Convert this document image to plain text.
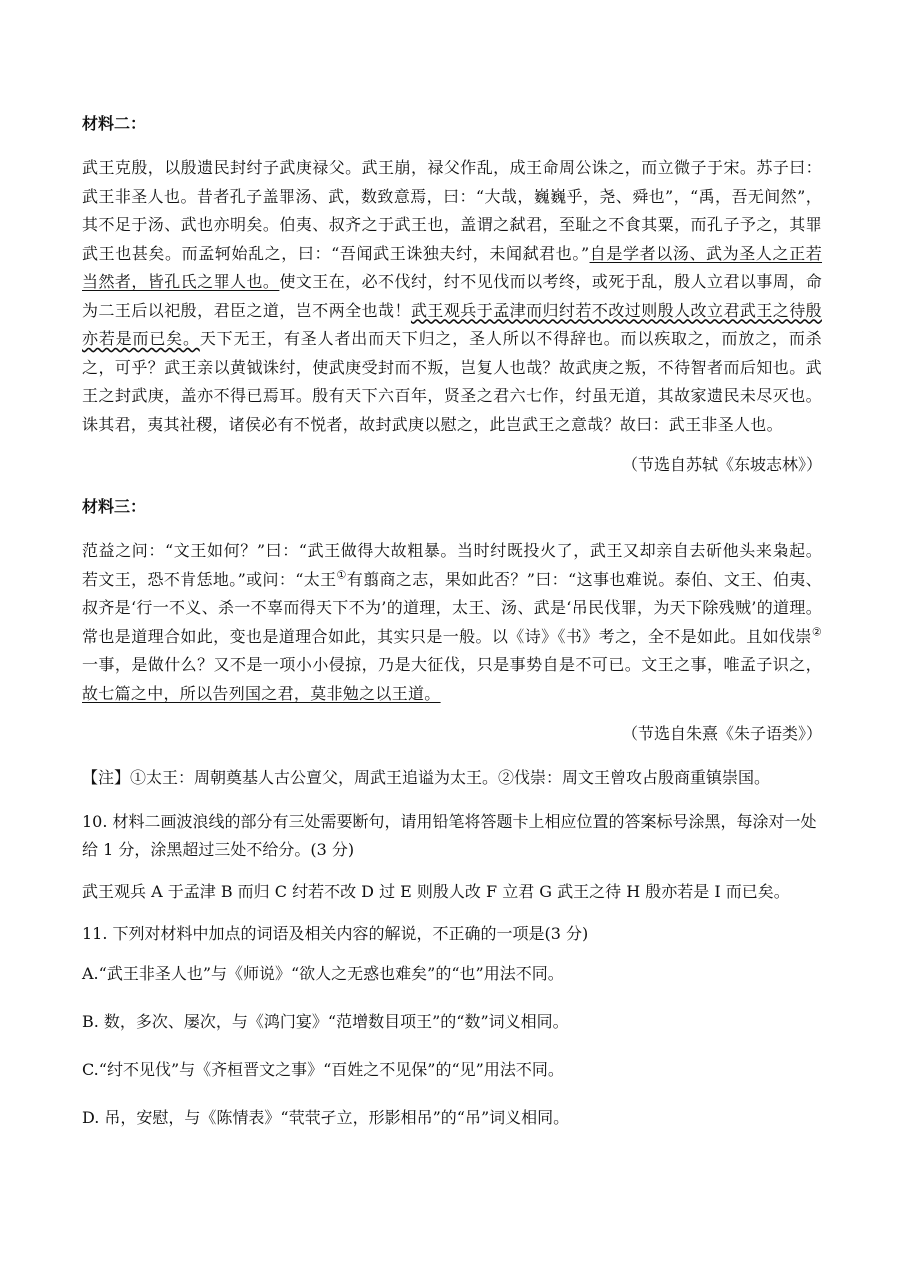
材料二：

武王克殷，以殷遗民封纣子武庚禄父。武王崩，禄父作乱，成王命周公诛之，而立微子于宋。苏子曰：武王非圣人也。昔者孔子盖罪汤、武，数致意焉，曰：“大哉，巍巍乎，尧、舜也”，“禹，吾无间然”，其不足于汤、武也亦明矣。伯夷、叔齐之于武王也，盖谓之弑君，至耻之不食其粟，而孔子予之，其罪武王也甚矣。而孟轲始乱之，曰：“吾闻武王诛独夫纣，未闻弑君也。”自是学者以汤、武为圣人之正若当然者，皆孔氏之罪人也。使文王在，必不伐纣，纣不见伐而以考终，或死于乱，殷人立君以事周，命为二王后以祀殷，君臣之道，岂不两全也哉！武王观兵于孟津而归纣若不改过则殷人改立君武王之待殷亦若是而已矣。天下无王，有圣人者出而天下归之，圣人所以不得辞也。而以疾取之，而放之，而杀之，可乎？武王亲以黄钺诛纣，使武庚受封而不叛，岂复人也哉？故武庚之叛，不待智者而后知也。武王之封武庚，盖亦不得已焉耳。殷有天下六百年，贤圣之君六七作，纣虽无道，其故家遗民未尽灭也。诛其君，夷其社稷，诸侯必有不悦者，故封武庚以慰之，此岂武王之意哉？故曰：武王非圣人也。

（节选自苏轼《东坡志林》）
材料三：

范益之问：“文王如何？”曰：“武王做得大故粗暴。当时纣既投火了，武王又却亲自去斫他头来枭起。若文王，恐不肯恁地。”或问：“太王①有翦商之志，果如此否？”曰：“这事也难说。泰伯、文王、伯夷、叔齐是‘行一不义、杀一不辜而得天下不为’的道理，太王、汤、武是‘吊民伐罪，为天下除残贼’的道理。常也是道理合如此，变也是道理合如此，其实只是一般。以《诗》《书》考之，全不是如此。且如伐崇②一事，是做什么？又不是一项小小侵掠，乃是大征伐，只是事势自是不可已。文王之事，唯孟子识之，故七篇之中，所以告列国之君，莫非勉之以王道。

（节选自朱熹《朱子语类》）
【注】①太王：周朝奠基人古公亶父，周武王追谥为太王。②伐崇：周文王曾攻占殷商重镇崇国。
10. 材料二画波浪线的部分有三处需要断句，请用铅笔将答题卡上相应位置的答案标号涂黑，每涂对一处给 1 分，涂黑超过三处不给分。(3 分)
武王观兵 A 于孟津 B 而归 C 纣若不改 D 过 E 则殷人改 F 立君 G 武王之待 H 殷亦若是 I 而已矣。
11. 下列对材料中加点的词语及相关内容的解说，不正确的一项是(3 分)
A.“武王非圣人也”与《师说》“欲人之无惑也难矣”的“也”用法不同。
B. 数，多次、屡次，与《鸿门宴》“范增数目项王”的“数”词义相同。
C.“纣不见伐”与《齐桓晋文之事》“百姓之不见保”的“见”用法不同。
D. 吊，安慰，与《陈情表》“茕茕孑立，形影相吊”的“吊”词义相同。
